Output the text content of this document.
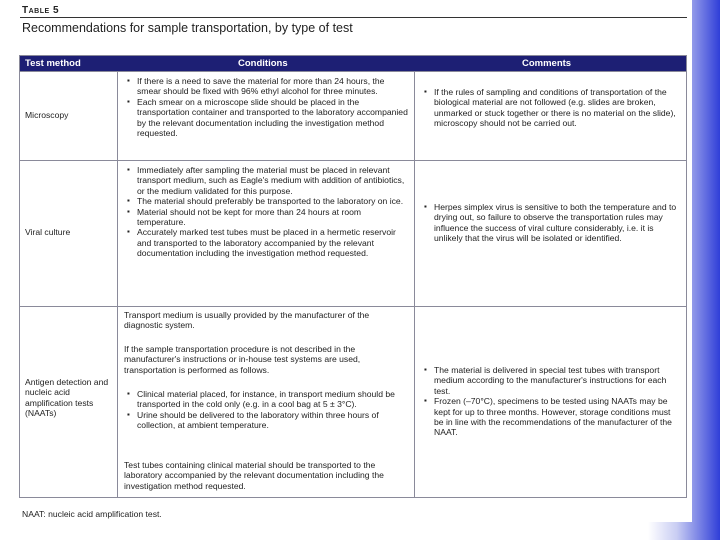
Table 5
Recommendations for sample transportation, by type of test
Test method	Conditions	Comments
Microscopy
▪ If there is a need to save the material for more than 24 hours, the smear should be fixed with 96% ethyl alcohol for three minutes.
▪ Each smear on a microscope slide should be placed in the transportation container and transported to the laboratory accompanied by the relevant documentation including the investigation method requested.
▪ If the rules of sampling and conditions of transportation of the biological material are not followed (e.g. slides are broken, unmarked or stuck together or there is no material on the slide), microscopy should not be carried out.
Viral culture
▪ Immediately after sampling the material must be placed in relevant transport medium, such as Eagle's medium with addition of antibiotics, or the medium validated for this purpose.
▪ The material should preferably be transported to the laboratory on ice.
▪ Material should not be kept for more than 24 hours at room temperature.
▪ Accurately marked test tubes must be placed in a hermetic reservoir and transported to the laboratory accompanied by the relevant documentation including the investigation method requested.
▪ Herpes simplex virus is sensitive to both the temperature and to drying out, so failure to observe the transportation rules may influence the success of viral culture considerably, i.e. it is unlikely that the virus will be isolated or identified.
Antigen detection and nucleic acid amplification tests (NAATs)
Transport medium is usually provided by the manufacturer of the diagnostic system.
If the sample transportation procedure is not described in the manufacturer's instructions or in-house test systems are used, transportation is performed as follows.
▪ Clinical material placed, for instance, in transport medium should be transported in the cold only (e.g. in a cool bag at 5 ± 3°C).
▪ Urine should be delivered to the laboratory within three hours of collection, at ambient temperature.
Test tubes containing clinical material should be transported to the laboratory accompanied by the relevant documentation including the investigation method requested.
▪ The material is delivered in special test tubes with transport medium according to the manufacturer's instructions for each test.
▪ Frozen (–70°C), specimens to be tested using NAATs may be kept for up to three months. However, storage conditions must be in line with the recommendations of the manufacturer of the NAAT.
NAAT: nucleic acid amplification test.
Fonte: http://www.eurosurveillance.org/ViewArticle.aspx?ArticleId=19703
